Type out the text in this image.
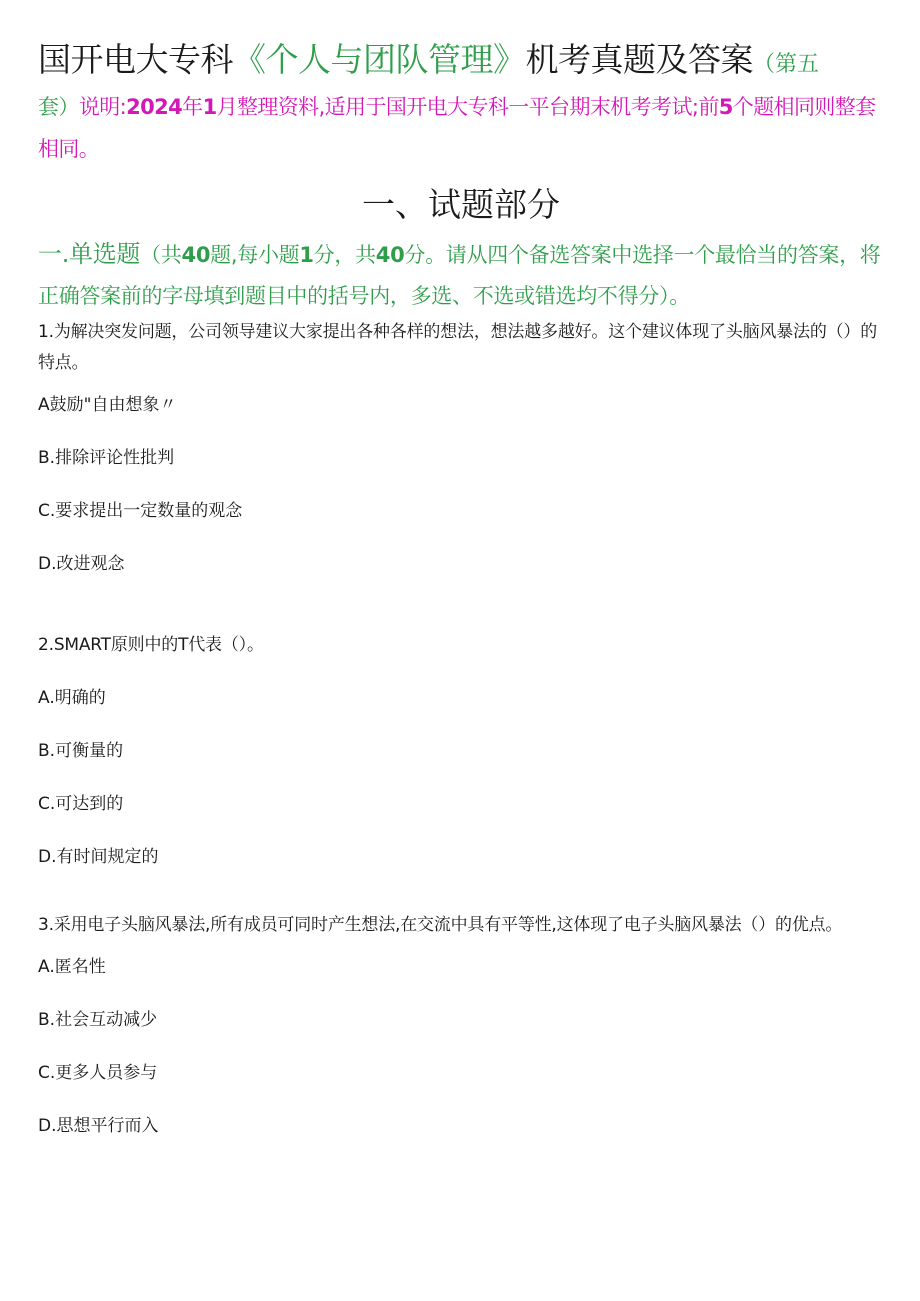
国开电大专科《个人与团队管理》机考真题及答案（第五
套）说明:2024年1月整理资料,适用于国开电大专科一平台期末机考考试;前5个题相同则整套相同。
一、试题部分
一.单选题（共40题,每小题1分，共40分。请从四个备选答案中选择一个最恰当的答案，将正确答案前的字母填到题目中的括号内，多选、不选或错选均不得分）。
1.为解决突发问题，公司领导建议大家提出各种各样的想法，想法越多越好。这个建议体现了头脑风暴法的（）的特点。
A鼓励"自由想象〃
B.排除评论性批判
C.要求提出一定数量的观念
D.改进观念
2.SMART原则中的T代表（）。
A.明确的
B.可衡量的
C.可达到的
D.有时间规定的
3.采用电子头脑风暴法,所有成员可同时产生想法,在交流中具有平等性,这体现了电子头脑风暴法（）的优点。
A.匿名性
B.社会互动减少
C.更多人员参与
D.思想平行而入
